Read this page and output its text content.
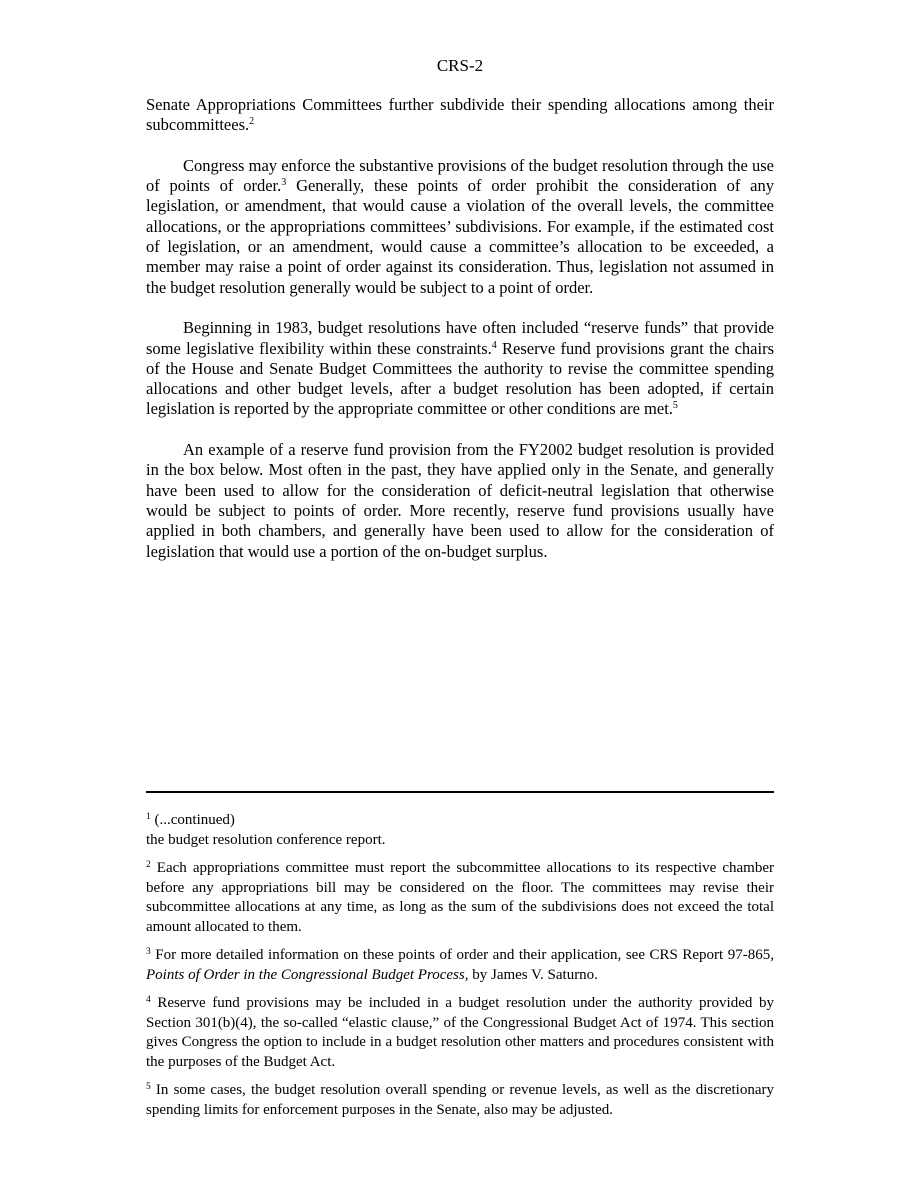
CRS-2

Senate Appropriations Committees further subdivide their spending allocations among their subcommittees.$^2$

Congress may enforce the substantive provisions of the budget resolution through the use of points of order.$^3$ Generally, these points of order prohibit the consideration of any legislation, or amendment, that would cause a violation of the overall levels, the committee allocations, or the appropriations committees’ subdivisions. For example, if the estimated cost of legislation, or an amendment, would cause a committee’s allocation to be exceeded, a member may raise a point of order against its consideration. Thus, legislation not assumed in the budget resolution generally would be subject to a point of order.

Beginning in 1983, budget resolutions have often included “reserve funds” that provide some legislative flexibility within these constraints.$^4$ Reserve fund provisions grant the chairs of the House and Senate Budget Committees the authority to revise the committee spending allocations and other budget levels, after a budget resolution has been adopted, if certain legislation is reported by the appropriate committee or other conditions are met.$^5$

An example of a reserve fund provision from the FY2002 budget resolution is provided in the box below. Most often in the past, they have applied only in the Senate, and generally have been used to allow for the consideration of deficit-neutral legislation that otherwise would be subject to points of order. More recently, reserve fund provisions usually have applied in both chambers, and generally have been used to allow for the consideration of legislation that would use a portion of the on-budget surplus.

$^1$ (...continued)
the budget resolution conference report.
$^2$ Each appropriations committee must report the subcommittee allocations to its respective chamber before any appropriations bill may be considered on the floor. The committees may revise their subcommittee allocations at any time, as long as the sum of the subdivisions does not exceed the total amount allocated to them.
$^3$ For more detailed information on these points of order and their application, see CRS Report 97-865, Points of Order in the Congressional Budget Process, by James V. Saturno.
$^4$ Reserve fund provisions may be included in a budget resolution under the authority provided by Section 301(b)(4), the so-called “elastic clause,” of the Congressional Budget Act of 1974. This section gives Congress the option to include in a budget resolution other matters and procedures consistent with the purposes of the Budget Act.
$^5$ In some cases, the budget resolution overall spending or revenue levels, as well as the discretionary spending limits for enforcement purposes in the Senate, also may be adjusted.
